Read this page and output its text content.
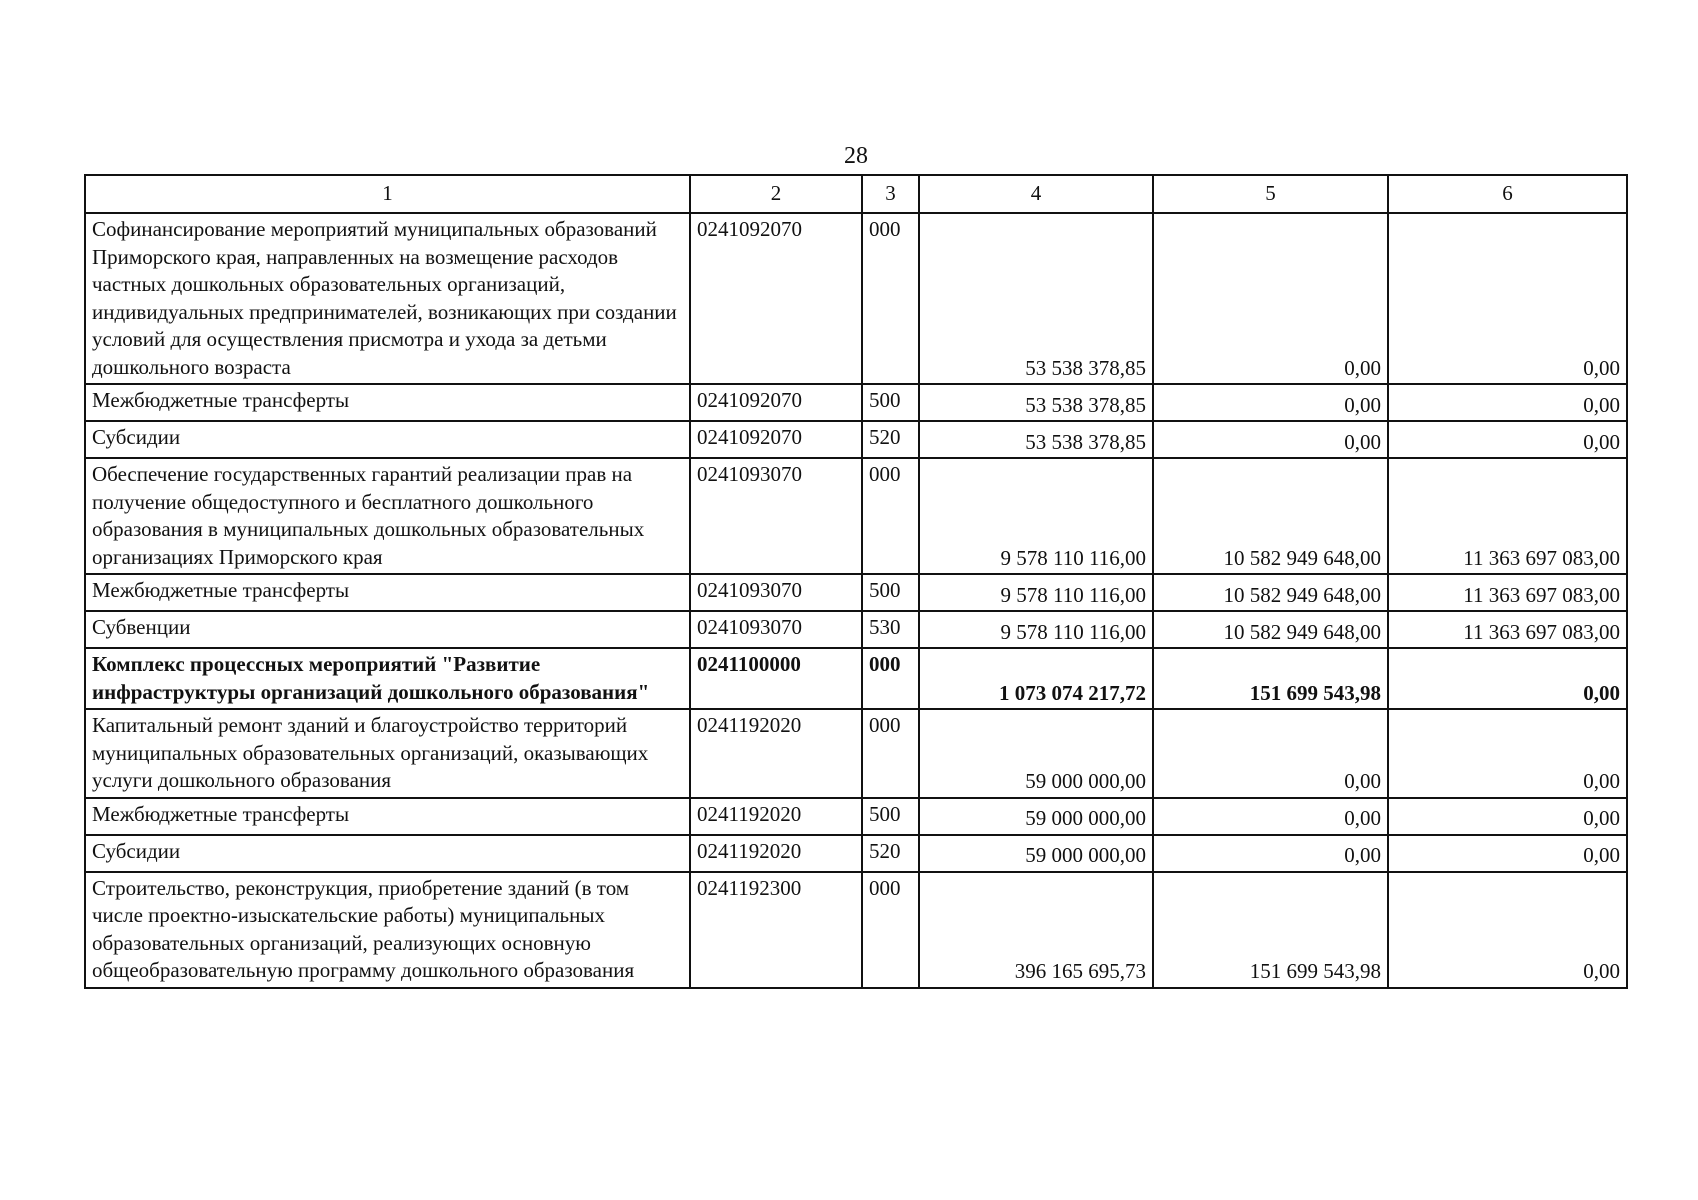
28
1	2	3	4	5	6
Софинансирование мероприятий муниципальных образований Приморского края, направленных на возмещение расходов частных дошкольных образовательных организаций, индивидуальных предпринимателей, возникающих при создании условий для осуществления присмотра и ухода за детьми дошкольного возраста	0241092070	000	53 538 378,85	0,00	0,00
Межбюджетные трансферты	0241092070	500	53 538 378,85	0,00	0,00
Субсидии	0241092070	520	53 538 378,85	0,00	0,00
Обеспечение государственных гарантий реализации прав на получение общедоступного и бесплатного дошкольного образования в муниципальных дошкольных образовательных организациях Приморского края	0241093070	000	9 578 110 116,00	10 582 949 648,00	11 363 697 083,00
Межбюджетные трансферты	0241093070	500	9 578 110 116,00	10 582 949 648,00	11 363 697 083,00
Субвенции	0241093070	530	9 578 110 116,00	10 582 949 648,00	11 363 697 083,00
Комплекс процессных мероприятий "Развитие инфраструктуры организаций дошкольного образования"	0241100000	000	1 073 074 217,72	151 699 543,98	0,00
Капитальный ремонт зданий и благоустройство территорий муниципальных образовательных организаций, оказывающих услуги дошкольного образования	0241192020	000	59 000 000,00	0,00	0,00
Межбюджетные трансферты	0241192020	500	59 000 000,00	0,00	0,00
Субсидии	0241192020	520	59 000 000,00	0,00	0,00
Строительство, реконструкция, приобретение зданий (в том числе проектно-изыскательские работы) муниципальных образовательных организаций, реализующих основную общеобразовательную программу дошкольного образования	0241192300	000	396 165 695,73	151 699 543,98	0,00
